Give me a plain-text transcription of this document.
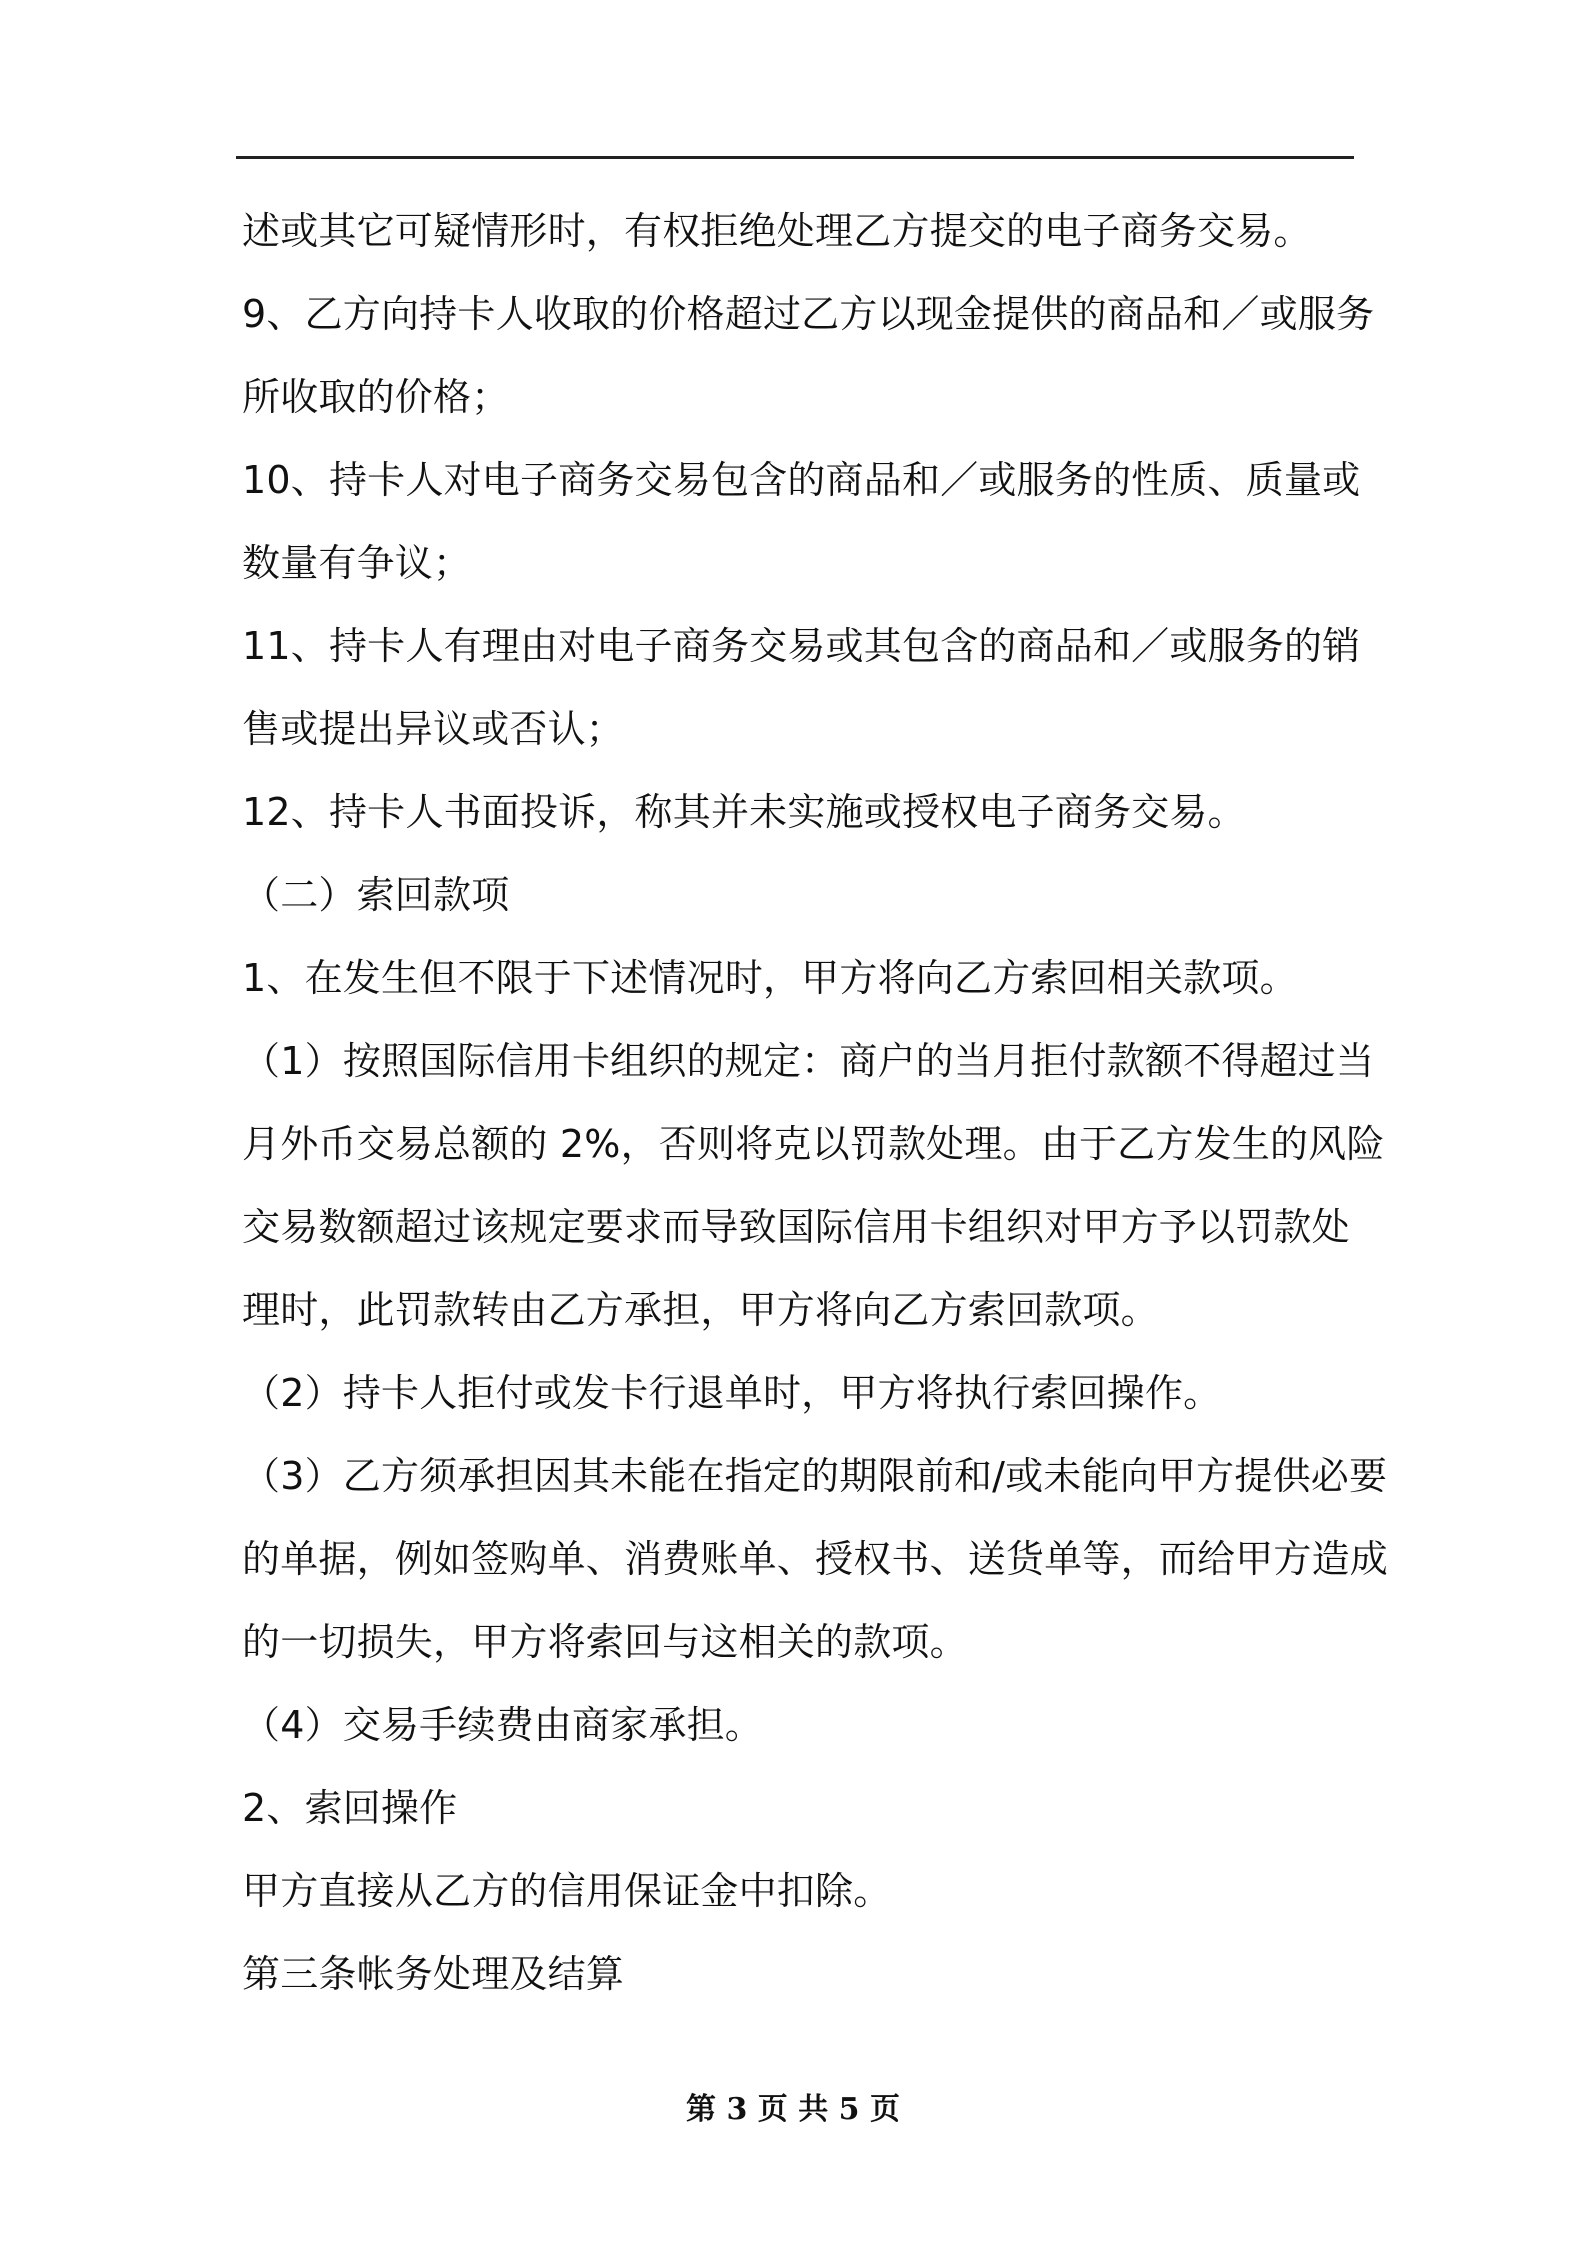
述或其它可疑情形时，有权拒绝处理乙方提交的电子商务交易。
9、乙方向持卡人收取的价格超过乙方以现金提供的商品和／或服务
所收取的价格；
10、持卡人对电子商务交易包含的商品和／或服务的性质、质量或
数量有争议；
11、持卡人有理由对电子商务交易或其包含的商品和／或服务的销
售或提出异议或否认；
12、持卡人书面投诉，称其并未实施或授权电子商务交易。
（二）索回款项
1、在发生但不限于下述情况时，甲方将向乙方索回相关款项。
（1）按照国际信用卡组织的规定：商户的当月拒付款额不得超过当
月外币交易总额的 2%，否则将克以罚款处理。由于乙方发生的风险
交易数额超过该规定要求而导致国际信用卡组织对甲方予以罚款处
理时，此罚款转由乙方承担，甲方将向乙方索回款项。
（2）持卡人拒付或发卡行退单时，甲方将执行索回操作。
（3）乙方须承担因其未能在指定的期限前和/或未能向甲方提供必要
的单据，例如签购单、消费账单、授权书、送货单等，而给甲方造成
的一切损失，甲方将索回与这相关的款项。
（4）交易手续费由商家承担。
2、索回操作
甲方直接从乙方的信用保证金中扣除。
第三条帐务处理及结算
第 3 页 共 5 页
